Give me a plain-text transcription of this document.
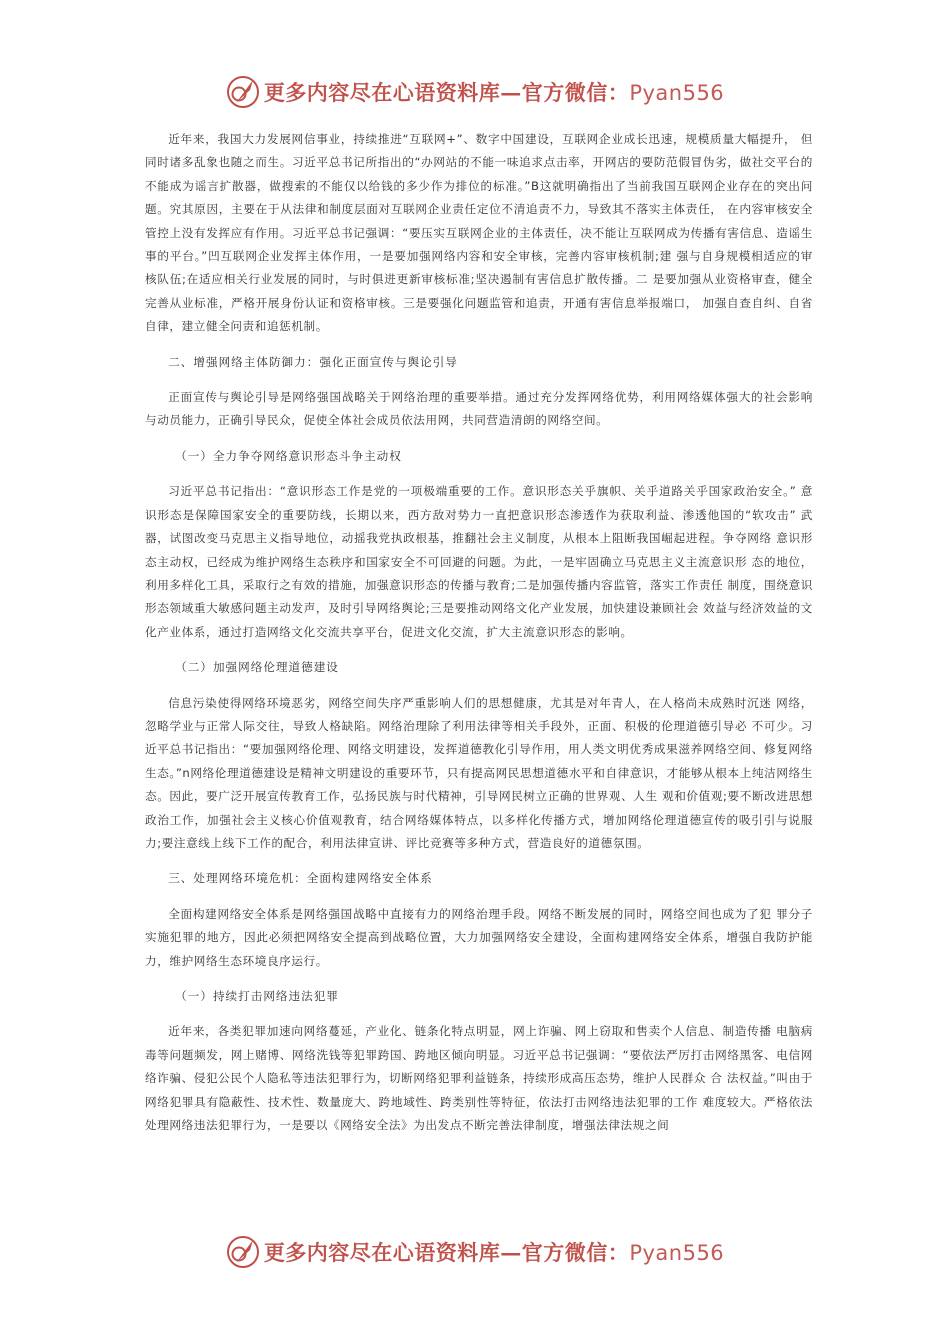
更多内容尽在心语资料库—官方微信：Pyan556

近年来，我国大力发展网信事业，持续推进“互联网+”、数字中国建设，互联网企业成长迅速，规模质量大幅提升， 但同时诸多乱象也随之而生。习近平总书记所指出的“办网站的不能一味追求点击率，开网店的要防范假冒伪劣，做社交平台的不能成为谣言扩散器，做搜索的不能仅以给钱的多少作为排位的标准。”B这就明确指出了当前我国互联网企业存在的突出问题。究其原因，主要在于从法律和制度层面对互联网企业责任定位不清追责不力，导致其不落实主体责任， 在内容审核安全管控上没有发挥应有作用。习近平总书记强调：“要压实互联网企业的主体责任，决不能让互联网成为传播有害信息、造谣生事的平台。”凹互联网企业发挥主体作用，一是要加强网络内容和安全审核，完善内容审核机制;建 强与自身规模相适应的审核队伍;在适应相关行业发展的同时，与时俱进更新审核标准;坚决遏制有害信息扩散传播。二 是要加强从业资格审查，健全完善从业标准，严格开展身份认证和资格审核。三是要强化问题监管和追责，开通有害信息举报端口， 加强自查自纠、自省自律，建立健全问责和追惩机制。

二、增强网络主体防御力：强化正面宣传与舆论引导

正面宣传与舆论引导是网络强国战略关于网络治理的重要举措。通过充分发挥网络优势，利用网络媒体强大的社会影响与动员能力，正确引导民众，促使全体社会成员依法用网，共同营造清朗的网络空间。

（一）全力争夺网络意识形态斗争主动权

习近平总书记指出：“意识形态工作是党的一项极端重要的工作。意识形态关乎旗帜、关乎道路关乎国家政治安全。” 意识形态是保障国家安全的重要防线，长期以来，西方敌对势力一直把意识形态渗透作为获取利益、渗透他国的“软攻击” 武器，试图改变马克思主义指导地位，动摇我党执政根基，推翻社会主义制度，从根本上阻断我国崛起进程。争夺网络 意识形态主动权，已经成为维护网络生态秩序和国家安全不可回避的问题。为此，一是牢固确立马克思主义主流意识形 态的地位，利用多样化工具，采取行之有效的措施，加强意识形态的传播与教育;二是加强传播内容监管，落实工作责任 制度，围绕意识形态领域重大敏感问题主动发声，及时引导网络舆论;三是要推动网络文化产业发展，加快建设兼顾社会 效益与经济效益的文化产业体系，通过打造网络文化交流共享平台，促进文化交流，扩大主流意识形态的影响。

（二）加强网络伦理道德建设

信息污染使得网络环境恶劣，网络空间失序严重影响人们的思想健康，尤其是对年青人，在人格尚未成熟时沉迷 网络，忽略学业与正常人际交往，导致人格缺陷。网络治理除了利用法律等相关手段外，正面、积极的伦理道德引导必 不可少。习近平总书记指出：“要加强网络伦理、网络文明建设，发挥道德教化引导作用，用人类文明优秀成果滋养网络空间、修复网络生态。”n网络伦理道德建设是精神文明建设的重要环节，只有提高网民思想道德水平和自律意识，才能够从根本上纯洁网络生态。因此，要广泛开展宣传教育工作，弘扬民族与时代精神，引导网民树立正确的世界观、人生 观和价值观;要不断改进思想政治工作，加强社会主义核心价值观教育，结合网络媒体特点，以多样化传播方式，增加网络伦理道德宣传的吸引引与说服力;要注意线上线下工作的配合，利用法律宣讲、评比竞赛等多种方式，营造良好的道德氛围。

三、处理网络环境危机：全面构建网络安全体系

全面构建网络安全体系是网络强国战略中直接有力的网络治理手段。网络不断发展的同时，网络空间也成为了犯 罪分子实施犯罪的地方，因此必须把网络安全提高到战略位置，大力加强网络安全建设，全面构建网络安全体系，增强自我防护能力，维护网络生态环境良序运行。

（一）持续打击网络违法犯罪

近年来，各类犯罪加速向网络蔓延，产业化、链条化特点明显，网上诈骗、网上窃取和售卖个人信息、制造传播 电脑病毒等问题频发，网上赌博、网络洗钱等犯罪跨国、跨地区倾向明显。习近平总书记强调：“要依法严厉打击网络黑客、电信网络诈骗、侵犯公民个人隐私等违法犯罪行为，切断网络犯罪利益链条，持续形成高压态势，维护人民群众 合 法权益。”叫由于网络犯罪具有隐蔽性、技术性、数量庞大、跨地域性、跨类别性等特征，依法打击网络违法犯罪的工作 难度较大。严格依法处理网络违法犯罪行为，一是要以《网络安全法》为出发点不断完善法律制度，增强法律法规之间

更多内容尽在心语资料库—官方微信：Pyan556
